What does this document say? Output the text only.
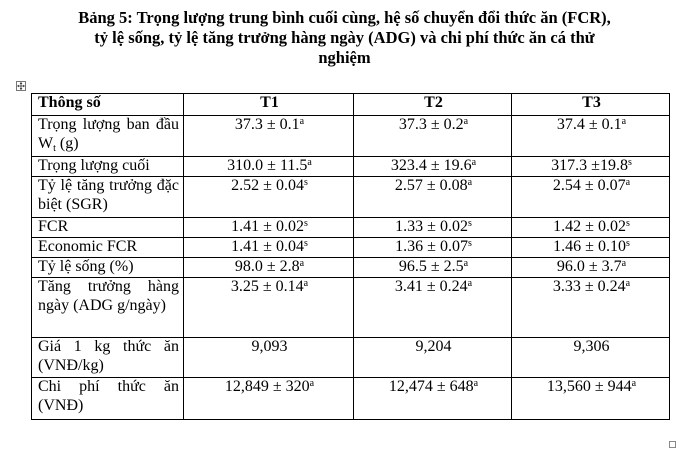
Bảng 5: Trọng lượng trung bình cuối cùng, hệ số chuyển đổi thức ăn (FCR),
tỷ lệ sống, tỷ lệ tăng trưởng hàng ngày (ADG) và chi phí thức ăn cá thử
nghiệm
Thông số	T1	T2	T3
Trọng lượng ban đầu $W_t$ (g)	37.3 ± 0.1$^a$	37.3 ± 0.2$^a$	37.4 ± 0.1$^a$
Trọng lượng cuối	310.0 ± 11.5$^a$	323.4 ± 19.6$^a$	$317.3 \pm 19.8^s$
Tỷ lệ tăng trưởng đặc biệt (SGR)	$2.52 \pm 0.04^s$	2.57 ± 0.08$^a$	2.54 ± 0.07$^a$
FCR	$1.41 \pm 0.02^s$	$1.33 \pm 0.02^s$	$1.42 \pm 0.02^s$
Economic FCR	$1.41 \pm 0.04^s$	$1.36 \pm 0.07^s$	$1.46 \pm 0.10^s$
Tỷ lệ sống (%)	98.0 ± 2.8$^a$	96.5 ± 2.5$^a$	96.0 ± 3.7$^a$
Tăng trưởng hàng ngày (ADG g/ngày)	3.25 ± 0.14$^a$	3.41 ± 0.24$^a$	3.33 ± 0.24$^a$
Giá 1 kg thức ăn (VNĐ/kg)	9,093	9,204	9,306
Chi phí thức ăn (VNĐ)	$12,849 \pm 320^a$	$12,474 \pm 648^a$	$13,560 \pm 944^a$
